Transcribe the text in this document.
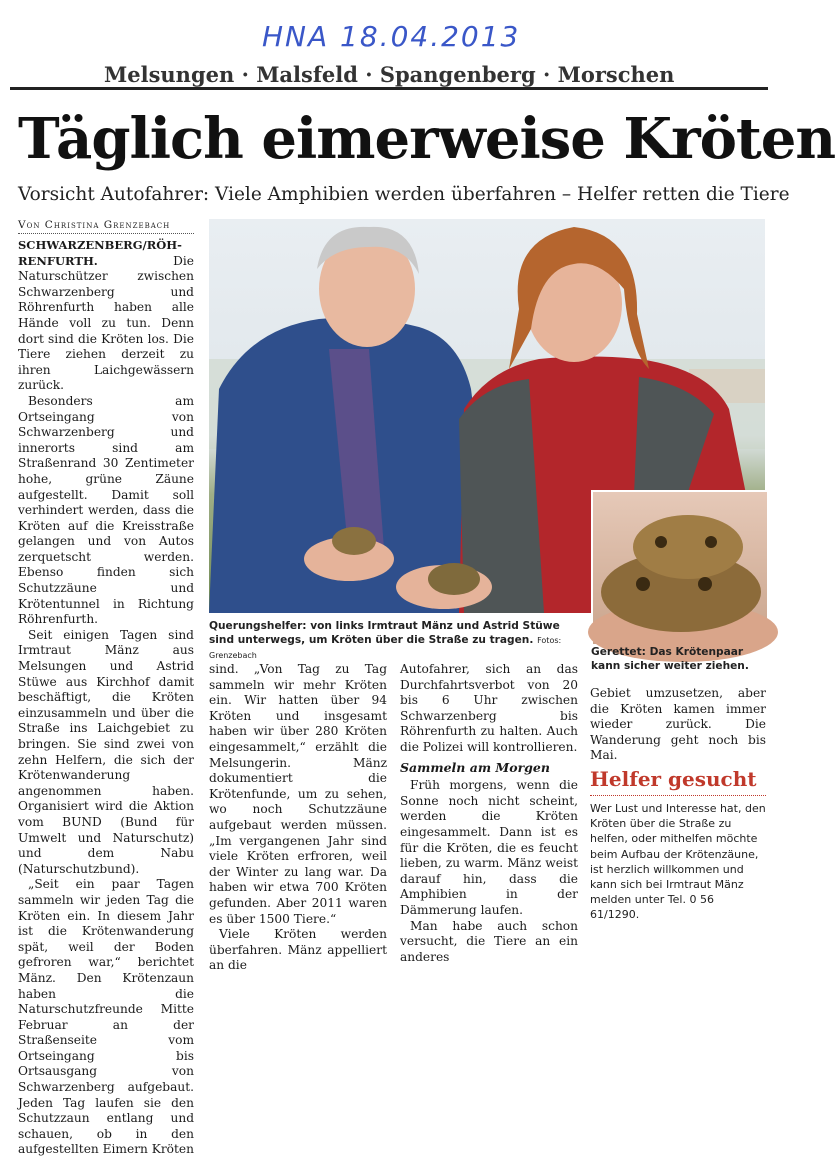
HNA 18.04.2013
Melsungen · Malsfeld · Spangenberg · Morschen
Täglich eimerweise Kröten
Vorsicht Autofahrer: Viele Amphibien werden überfahren – Helfer retten die Tiere
Von Christina Grenzebach

SCHWARZENBERG/RÖH-RENFURTH.	Die Naturschützer zwischen Schwarzenberg und Röhrenfurth haben alle Hände voll zu tun. Denn dort sind die Kröten los. Die Tiere ziehen derzeit zu ihren Laichgewässern zurück.

Besonders am Ortseingang von Schwarzenberg und innerorts sind am Straßenrand 30 Zentimeter hohe, grüne Zäune aufgestellt. Damit soll verhindert werden, dass die Kröten auf die Kreisstraße gelangen und von Autos zerquetscht werden. Ebenso finden sich Schutzzäune und Krötentunnel in Richtung Röhrenfurth.

Seit einigen Tagen sind Irmtraut Mänz aus Melsungen und Astrid Stüwe aus Kirchhof damit beschäftigt, die Kröten einzusammeln und über die Straße ins Laichgebiet zu bringen. Sie sind zwei von zehn Helfern, die sich der Krötenwanderung angenommen haben. Organisiert wird die Aktion vom BUND (Bund für Umwelt und Naturschutz) und dem Nabu (Naturschutzbund).

„Seit ein paar Tagen sammeln wir jeden Tag die Kröten ein. In diesem Jahr ist die Krötenwanderung spät, weil der Boden gefroren war,“ berichtet Mänz. Den Krötenzaun haben die Naturschutzfreunde Mitte Februar an der Straßenseite vom Ortseingang bis Ortsausgang von Schwarzenberg aufgebaut. Jeden Tag laufen sie den Schutzzaun entlang und schauen, ob in den aufgestellten Eimern Kröten

Querungshelfer: von links Irmtraut Mänz und Astrid Stüwe sind unterwegs, um Kröten über die Straße zu tragen. Fotos: Grenzebach	Gerettet: Das Krötenpaar kann sicher weiter ziehen.

sind. „Von Tag zu Tag sammeln wir mehr Kröten ein. Wir hatten über 94 Kröten und insgesamt haben wir über 280 Kröten eingesammelt,“ erzählt die Melsungerin. Mänz dokumentiert die Krötenfunde, um zu sehen, wo noch Schutzzäune aufgebaut werden müssen. „Im vergangenen Jahr sind viele Kröten erfroren, weil der Winter zu lang war. Da haben wir etwa 700 Kröten gefunden. Aber 2011 waren es über 1500 Tiere.“

Viele Kröten werden überfahren. Mänz appelliert an die

Autofahrer, sich an das Durchfahrtsverbot von 20 bis 6 Uhr zwischen Schwarzenberg bis Röhrenfurth zu halten. Auch die Polizei will kontrollieren.

Sammeln am Morgen

Früh morgens, wenn die Sonne noch nicht scheint, werden die Kröten eingesammelt. Dann ist es für die Kröten, die es feucht lieben, zu warm. Mänz weist darauf hin, dass die Amphibien in der Dämmerung laufen.

Man habe auch schon versucht, die Tiere an ein anderes

Gebiet umzusetzen, aber die Kröten kamen immer wieder zurück. Die Wanderung geht noch bis Mai.

Helfer gesucht
Wer Lust und Interesse hat, den Kröten über die Straße zu helfen, oder mithelfen möchte beim Aufbau der Krötenzäune, ist herzlich willkommen und kann sich bei Irmtraut Mänz melden unter Tel. 0 56 61/1290.
